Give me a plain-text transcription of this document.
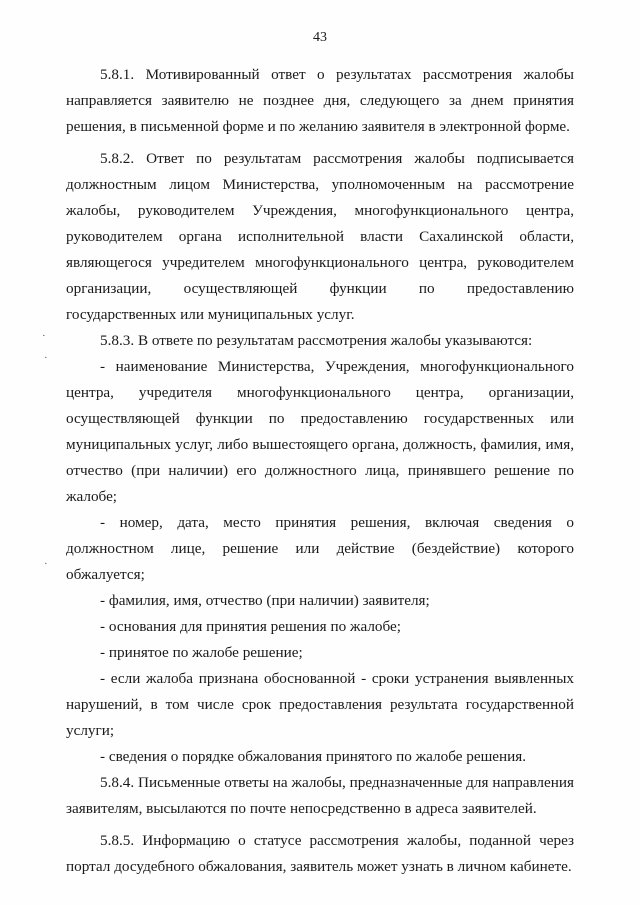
43
·
·
·

5.8.1. Мотивированный ответ о результатах рассмотрения жалобы направляется заявителю не позднее дня, следующего за днем принятия решения, в письменной форме и по желанию заявителя в электронной форме.

5.8.2. Ответ по результатам рассмотрения жалобы подписывается должностным лицом Министерства, уполномоченным на рассмотрение жалобы, руководителем Учреждения, многофункционального центра, руководителем органа исполнительной власти Сахалинской области, являющегося учредителем многофункционального центра, руководителем организации, осуществляющей функции по предоставлению государственных или муниципальных услуг.

5.8.3. В ответе по результатам рассмотрения жалобы указываются:

- наименование Министерства, Учреждения, многофункционального центра, учредителя многофункционального центра, организации, осуществляющей функции по предоставлению государственных или муниципальных услуг, либо вышестоящего органа, должность, фамилия, имя, отчество (при наличии) его должностного лица, принявшего решение по жалобе;

- номер, дата, место принятия решения, включая сведения о должностном лице, решение или действие (бездействие) которого обжалуется;

- фамилия, имя, отчество (при наличии) заявителя;

- основания для принятия решения по жалобе;

- принятое по жалобе решение;

- если жалоба признана обоснованной - сроки устранения выявленных нарушений, в том числе срок предоставления результата государственной услуги;

- сведения о порядке обжалования принятого по жалобе решения.

5.8.4. Письменные ответы на жалобы, предназначенные для направления заявителям, высылаются по почте непосредственно в адреса заявителей.

5.8.5. Информацию о статусе рассмотрения жалобы, поданной через портал досудебного обжалования, заявитель может узнать в личном кабинете.
